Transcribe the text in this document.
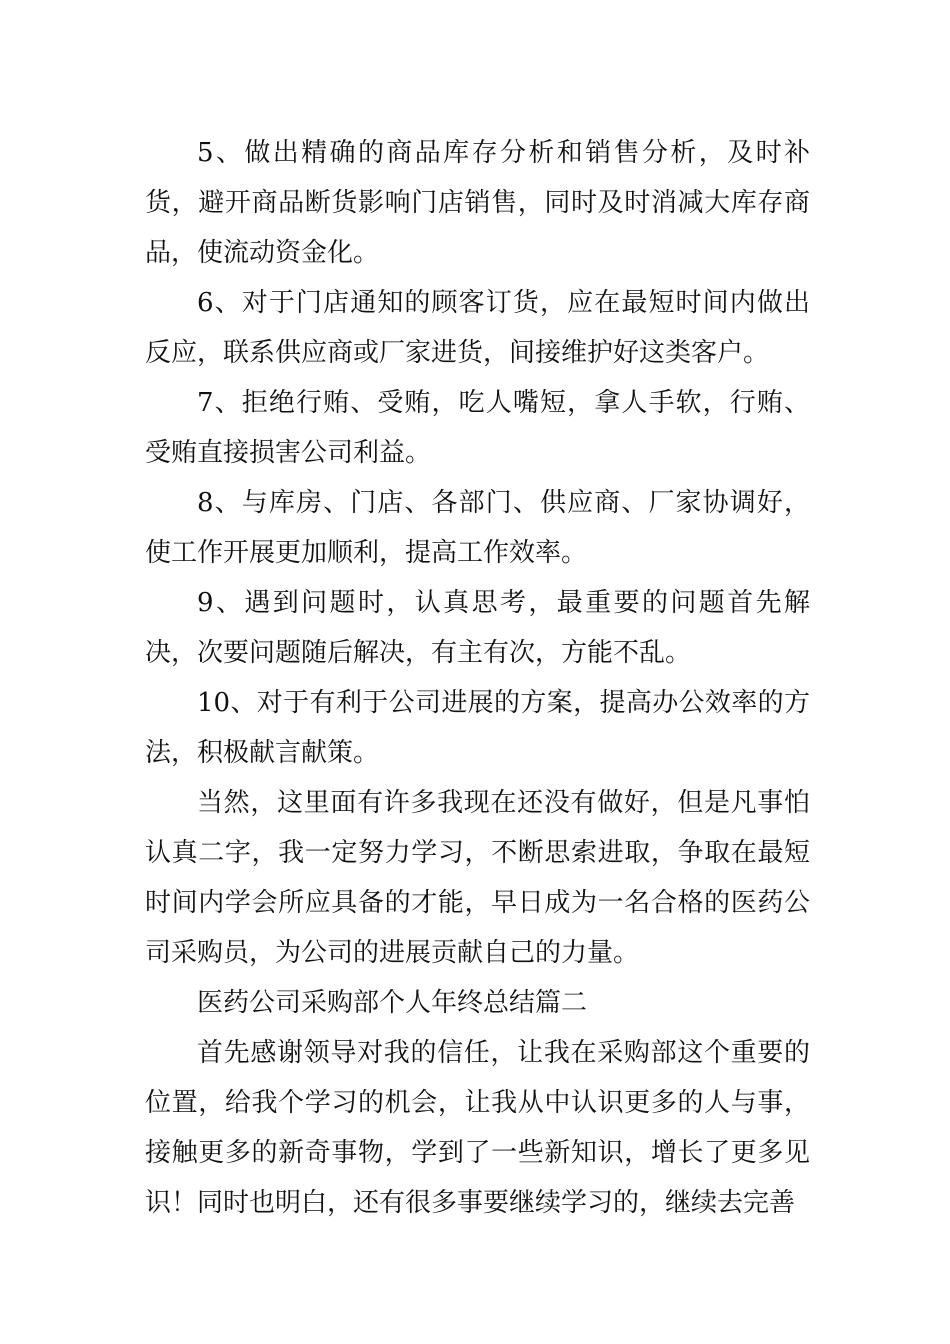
5、做出精确的商品库存分析和销售分析，及时补货，避开商品断货影响门店销售，同时及时消减大库存商品，使流动资金化。

6、对于门店通知的顾客订货，应在最短时间内做出反应，联系供应商或厂家进货，间接维护好这类客户。

7、拒绝行贿、受贿，吃人嘴短，拿人手软，行贿、受贿直接损害公司利益。

8、与库房、门店、各部门、供应商、厂家协调好，使工作开展更加顺利，提高工作效率。

9、遇到问题时，认真思考，最重要的问题首先解决，次要问题随后解决，有主有次，方能不乱。

10、对于有利于公司进展的方案，提高办公效率的方法，积极献言献策。

当然，这里面有许多我现在还没有做好，但是凡事怕认真二字，我一定努力学习，不断思索进取，争取在最短时间内学会所应具备的才能，早日成为一名合格的医药公司采购员，为公司的进展贡献自己的力量。

医药公司采购部个人年终总结篇二

首先感谢领导对我的信任，让我在采购部这个重要的位置，给我个学习的机会，让我从中认识更多的人与事，接触更多的新奇事物，学到了一些新知识，增长了更多见识！同时也明白，还有很多事要继续学习的，继续去完善
